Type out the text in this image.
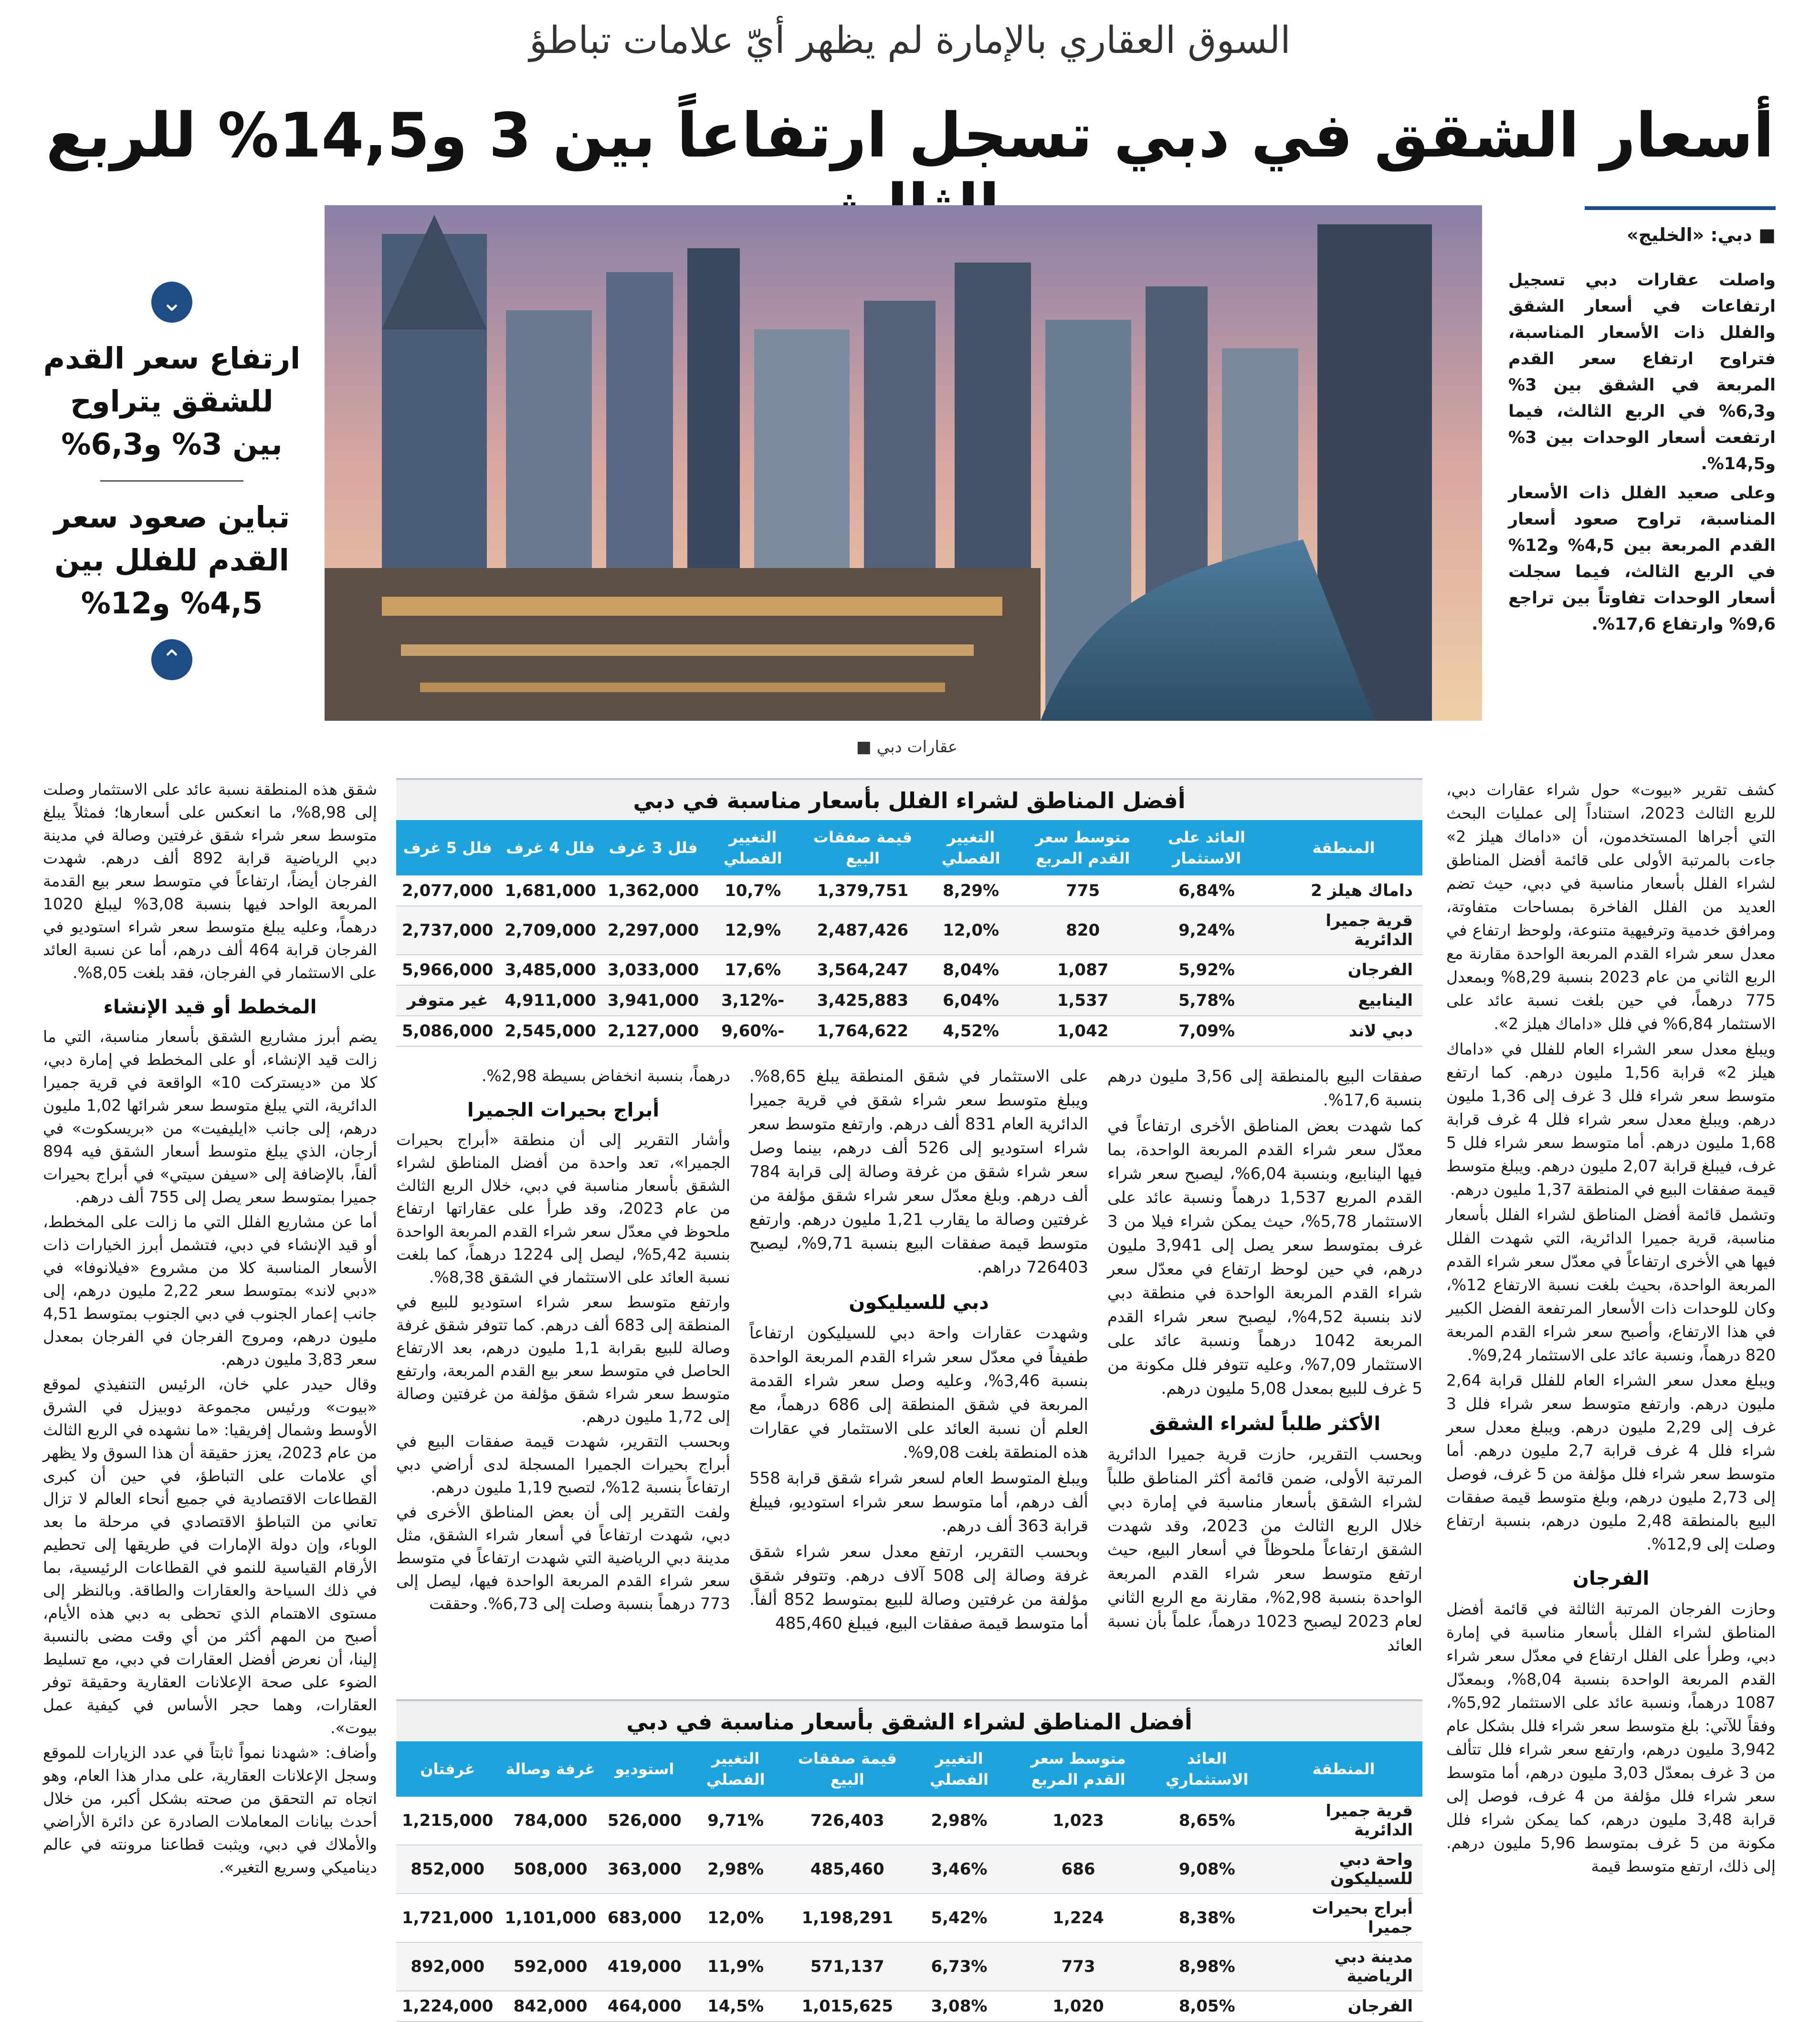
السوق العقاري بالإمارة لم يظهر أيّ علامات تباطؤ
أسعار الشقق في دبي تسجل ارتفاعاً بين 3 و14,5% للربع
عقارات دبي ■
■ دبي: «الخليج»

واصلت عقارات دبي تسجيل ارتفاعات في أسعار الشقق والفلل ذات الأسعار المناسبة، فتراوح ارتفاع سعر القدم المربعة في الشقق بين 3% و6,3% في الربع الثالث، فيما ارتفعت أسعار الوحدات بين 3% و14,5%.

وعلى صعيد الفلل ذات الأسعار المناسبة، تراوح صعود أسعار القدم المربعة بين 4,5% و12% في الربع الثالث، فيما سجلت أسعار الوحدات تفاوتاً بين تراجع 9,6% وارتفاع 17,6%.

⌄
ارتفاع سعر القدم للشقق يتراوح بين 3% و6,3%
تباين صعود سعر القدم للفلل بين 4,5% و12%
⌃
أفضل المناطق لشراء الفلل بأسعار مناسبة في دبي
المنطقة	العائد على الاستثمار	متوسط سعر القدم المربع	التغيير الفصلي	قيمة صفقات البيع	التغيير الفصلي	فلل 3 غرف	فلل 4 غرف	فلل 5 غرف
داماك هيلز 2	6,84%	775	8,29%	1,379,751	10,7%	1,362,000	1,681,000	2,077,000
قرية جميرا الدائرية	9,24%	820	12,0%	2,487,426	12,9%	2,297,000	2,709,000	2,737,000
الفرجان	5,92%	1,087	8,04%	3,564,247	17,6%	3,033,000	3,485,000	5,966,000
الينابيع	5,78%	1,537	6,04%	3,425,883	-3,12%	3,941,000	4,911,000	غير متوفر
دبي لاند	7,09%	1,042	4,52%	1,764,622	-9,60%	2,127,000	2,545,000	5,086,000
أفضل المناطق لشراء الشقق بأسعار مناسبة في دبي
المنطقة	العائد الاستثماري	متوسط سعر القدم المربع	التغيير الفصلي	قيمة صفقات البيع	التغيير الفصلي	استوديو	غرفة وصالة	غرفتان
قرية جميرا الدائرية	8,65%	1,023	2,98%	726,403	9,71%	526,000	784,000	1,215,000
واحة دبي للسيليكون	9,08%	686	3,46%	485,460	2,98%	363,000	508,000	852,000
أبراج بحيرات جميرا	8,38%	1,224	5,42%	1,198,291	12,0%	683,000	1,101,000	1,721,000
مدينة دبي الرياضية	8,98%	773	6,73%	571,137	11,9%	419,000	592,000	892,000
الفرجان	8,05%	1,020	3,08%	1,015,625	14,5%	464,000	842,000	1,224,000

كشف تقرير «بيوت» حول شراء عقارات دبي، للربع الثالث 2023، استناداً إلى عمليات البحث التي أجراها المستخدمون، أن «داماك هيلز 2» جاءت بالمرتبة الأولى على قائمة أفضل المناطق لشراء الفلل بأسعار مناسبة في دبي، حيث تضم العديد من الفلل الفاخرة بمساحات متفاوتة، ومرافق خدمية وترفيهية متنوعة، ولوحظ ارتفاع في معدل سعر شراء القدم المربعة الواحدة مقارنة مع الربع الثاني من عام 2023 بنسبة 8,29% وبمعدل 775 درهماً، في حين بلغت نسبة عائد على الاستثمار 6,84% في فلل «داماك هيلز 2».

ويبلغ معدل سعر الشراء العام للفلل في «داماك هيلز 2» قرابة 1,56 مليون درهم. كما ارتفع متوسط سعر شراء فلل 3 غرف إلى 1,36 مليون درهم. ويبلغ معدل سعر شراء فلل 4 غرف قرابة 1,68 مليون درهم. أما متوسط سعر شراء فلل 5 غرف، فيبلغ قرابة 2,07 مليون درهم. ويبلغ متوسط قيمة صفقات البيع في المنطقة 1,37 مليون درهم.

وتشمل قائمة أفضل المناطق لشراء الفلل بأسعار مناسبة، قرية جميرا الدائرية، التي شهدت الفلل فيها هي الأخرى ارتفاعاً في معدّل سعر شراء القدم المربعة الواحدة، بحيث بلغت نسبة الارتفاع 12%، وكان للوحدات ذات الأسعار المرتفعة الفضل الكبير في هذا الارتفاع، وأصبح سعر شراء القدم المربعة 820 درهماً، ونسبة عائد على الاستثمار 9,24%.

ويبلغ معدل سعر الشراء العام للفلل قرابة 2,64 مليون درهم. وارتفع متوسط سعر شراء فلل 3 غرف إلى 2,29 مليون درهم. ويبلغ معدل سعر شراء فلل 4 غرف قرابة 2,7 مليون درهم. أما متوسط سعر شراء فلل مؤلفة من 5 غرف، فوصل إلى 2,73 مليون درهم، وبلغ متوسط قيمة صفقات البيع بالمنطقة 2,48 مليون درهم، بنسبة ارتفاع وصلت إلى 12,9%.

الفرجان

وحازت الفرجان المرتبة الثالثة في قائمة أفضل المناطق لشراء الفلل بأسعار مناسبة في إمارة دبي، وطرأ على الفلل ارتفاع في معدّل سعر شراء القدم المربعة الواحدة بنسبة 8,04%، وبمعدّل 1087 درهماً، ونسبة عائد على الاستثمار 5,92%، وفقاً للآتي: بلغ متوسط سعر شراء فلل بشكل عام 3,942 مليون درهم، وارتفع سعر شراء فلل تتألف من 3 غرف بمعدّل 3,03 مليون درهم، أما متوسط سعر شراء فلل مؤلفة من 4 غرف، فوصل إلى قرابة 3,48 مليون درهم، كما يمكن شراء فلل مكونة من 5 غرف بمتوسط 5,96 مليون درهم. إلى ذلك، ارتفع متوسط قيمة

صفقات البيع بالمنطقة إلى 3,56 مليون درهم بنسبة 17,6%.

كما شهدت بعض المناطق الأخرى ارتفاعاً في معدّل سعر شراء القدم المربعة الواحدة، بما فيها الينابيع، وبنسبة 6,04%، ليصبح سعر شراء القدم المربع 1,537 درهماً ونسبة عائد على الاستثمار 5,78%، حيث يمكن شراء فيلا من 3 غرف بمتوسط سعر يصل إلى 3,941 مليون درهم، في حين لوحظ ارتفاع في معدّل سعر شراء القدم المربعة الواحدة في منطقة دبي لاند بنسبة 4,52%، ليصبح سعر شراء القدم المربعة 1042 درهماً ونسبة عائد على الاستثمار 7,09%، وعليه تتوفر فلل مكونة من 5 غرف للبيع بمعدل 5,08 مليون درهم.

الأكثر طلباً لشراء الشقق

وبحسب التقرير، حازت قرية جميرا الدائرية المرتبة الأولى، ضمن قائمة أكثر المناطق طلباً لشراء الشقق بأسعار مناسبة في إمارة دبي خلال الربع الثالث من 2023، وقد شهدت الشقق ارتفاعاً ملحوظاً في أسعار البيع، حيث ارتفع متوسط سعر شراء القدم المربعة الواحدة بنسبة 2,98%، مقارنة مع الربع الثاني لعام 2023 ليصبح 1023 درهماً، علماً بأن نسبة العائد

على الاستثمار في شقق المنطقة يبلغ 8,65%. ويبلغ متوسط سعر شراء شقق في قرية جميرا الدائرية العام 831 ألف درهم. وارتفع متوسط سعر شراء استوديو إلى 526 ألف درهم، بينما وصل سعر شراء شقق من غرفة وصالة إلى قرابة 784 ألف درهم. وبلغ معدّل سعر شراء شقق مؤلفة من غرفتين وصالة ما يقارب 1,21 مليون درهم. وارتفع متوسط قيمة صفقات البيع بنسبة 9,71%، ليصبح 726403 دراهم.

دبي للسيليكون

وشهدت عقارات واحة دبي للسيليكون ارتفاعاً طفيفاً في معدّل سعر شراء القدم المربعة الواحدة بنسبة 3,46%، وعليه وصل سعر شراء القدمة المربعة في شقق المنطقة إلى 686 درهماً، مع العلم أن نسبة العائد على الاستثمار في عقارات هذه المنطقة بلغت 9,08%.

ويبلغ المتوسط العام لسعر شراء شقق قرابة 558 ألف درهم، أما متوسط سعر شراء استوديو، فيبلغ قرابة 363 ألف درهم.

وبحسب التقرير، ارتفع معدل سعر شراء شقق غرفة وصالة إلى 508 آلاف درهم. وتتوفر شقق مؤلفة من غرفتين وصالة للبيع بمتوسط 852 ألفاً. أما متوسط قيمة صفقات البيع، فيبلغ 485,460

درهماً، بنسبة انخفاض بسيطة 2,98%.

أبراج بحيرات الجميرا

وأشار التقرير إلى أن منطقة «أبراج بحيرات الجميرا»، تعد واحدة من أفضل المناطق لشراء الشقق بأسعار مناسبة في دبي، خلال الربع الثالث من عام 2023، وقد طرأ على عقاراتها ارتفاع ملحوظ في معدّل سعر شراء القدم المربعة الواحدة بنسبة 5,42%، ليصل إلى 1224 درهماً، كما بلغت نسبة العائد على الاستثمار في الشقق 8,38%.

وارتفع متوسط سعر شراء استوديو للبيع في المنطقة إلى 683 ألف درهم. كما تتوفر شقق غرفة وصالة للبيع بقرابة 1,1 مليون درهم، بعد الارتفاع الحاصل في متوسط سعر بيع القدم المربعة، وارتفع متوسط سعر شراء شقق مؤلفة من غرفتين وصالة إلى 1,72 مليون درهم.

وبحسب التقرير، شهدت قيمة صفقات البيع في أبراج بحيرات الجميرا المسجلة لدى أراضي دبي ارتفاعاً بنسبة 12%، لتصبح 1,19 مليون درهم.

ولفت التقرير إلى أن بعض المناطق الأخرى في دبي، شهدت ارتفاعاً في أسعار شراء الشقق، مثل مدينة دبي الرياضية التي شهدت ارتفاعاً في متوسط سعر شراء القدم المربعة الواحدة فيها، ليصل إلى 773 درهماً بنسبة وصلت إلى 6,73%. وحققت

شقق هذه المنطقة نسبة عائد على الاستثمار وصلت إلى 8,98%، ما انعكس على أسعارها؛ فمثلاً يبلغ متوسط سعر شراء شقق غرفتين وصالة في مدينة دبي الرياضية قرابة 892 ألف درهم. شهدت الفرجان أيضاً، ارتفاعاً في متوسط سعر بيع القدمة المربعة الواحد فيها بنسبة 3,08% ليبلغ 1020 درهماً، وعليه يبلغ متوسط سعر شراء استوديو في الفرجان قرابة 464 ألف درهم، أما عن نسبة العائد على الاستثمار في الفرجان، فقد بلغت 8,05%.

المخطط أو قيد الإنشاء

يضم أبرز مشاريع الشقق بأسعار مناسبة، التي ما زالت قيد الإنشاء، أو على المخطط في إمارة دبي، كلا من «ديستركت 10» الواقعة في قرية جميرا الدائرية، التي يبلغ متوسط سعر شرائها 1,02 مليون درهم، إلى جانب «ايليفيت» من «بريسكوت» في أرجان، الذي يبلغ متوسط أسعار الشقق فيه 894 ألفاً، بالإضافة إلى «سيفن سيتي» في أبراج بحيرات جميرا بمتوسط سعر يصل إلى 755 ألف درهم.

أما عن مشاريع الفلل التي ما زالت على المخطط، أو قيد الإنشاء في دبي، فتشمل أبرز الخيارات ذات الأسعار المناسبة كلا من مشروع «فيلانوفا» في «دبي لاند» بمتوسط سعر 2,22 مليون درهم، إلى جانب إعمار الجنوب في دبي الجنوب بمتوسط 4,51 مليون درهم، ومروج الفرجان في الفرجان بمعدل سعر 3,83 مليون درهم.

وقال حيدر علي خان، الرئيس التنفيذي لموقع «بيوت» ورئيس مجموعة دوبيزل في الشرق الأوسط وشمال إفريقيا: «ما نشهده في الربع الثالث من عام 2023، يعزز حقيقة أن هذا السوق ولا يظهر أي علامات على التباطؤ، في حين أن كبرى القطاعات الاقتصادية في جميع أنحاء العالم لا تزال تعاني من التباطؤ الاقتصادي في مرحلة ما بعد الوباء، وإن دولة الإمارات في طريقها إلى تحطيم الأرقام القياسية للنمو في القطاعات الرئيسية، بما في ذلك السياحة والعقارات والطاقة. وبالنظر إلى مستوى الاهتمام الذي تحظى به دبي هذه الأيام، أصبح من المهم أكثر من أي وقت مضى بالنسبة إلينا، أن نعرض أفضل العقارات في دبي، مع تسليط الضوء على صحة الإعلانات العقارية وحقيقة توفر العقارات، وهما حجر الأساس في كيفية عمل بيوت».

وأضاف: «شهدنا نمواً ثابتاً في عدد الزيارات للموقع وسجل الإعلانات العقارية، على مدار هذا العام، وهو اتجاه تم التحقق من صحته بشكل أكبر، من خلال أحدث بيانات المعاملات الصادرة عن دائرة الأراضي والأملاك في دبي، ويثبت قطاعنا مرونته في عالم ديناميكي وسريع التغير».
